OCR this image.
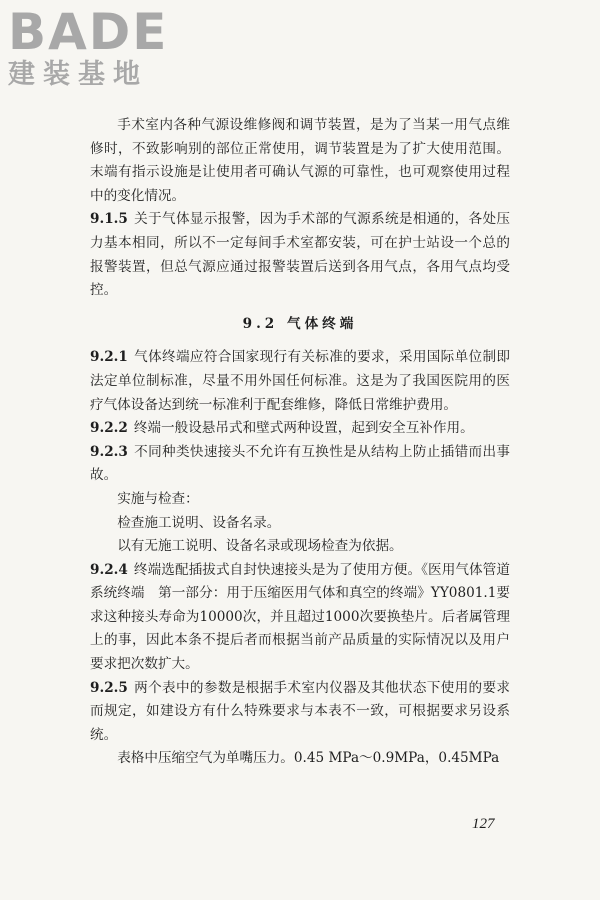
BADE
建装基地

手术室内各种气源设维修阀和调节装置，是为了当某一用气点维修时，不致影响别的部位正常使用，调节装置是为了扩大使用范围。末端有指示设施是让使用者可确认气源的可靠性，也可观察使用过程中的变化情况。

9.1.5 关于气体显示报警，因为手术部的气源系统是相通的，各处压力基本相同，所以不一定每间手术室都安装，可在护士站设一个总的报警装置，但总气源应通过报警装置后送到各用气点，各用气点均受控。

9.2 气体终端

9.2.1 气体终端应符合国家现行有关标准的要求，采用国际单位制即法定单位制标准，尽量不用外国任何标准。这是为了我国医院用的医疗气体设备达到统一标准利于配套维修，降低日常维护费用。

9.2.2 终端一般设悬吊式和壁式两种设置，起到安全互补作用。

9.2.3 不同种类快速接头不允许有互换性是从结构上防止插错而出事故。

实施与检查：

检查施工说明、设备名录。

以有无施工说明、设备名录或现场检查为依据。

9.2.4 终端选配插拔式自封快速接头是为了使用方便。《医用气体管道系统终端　第一部分：用于压缩医用气体和真空的终端》YY0801.1要求这种接头寿命为10000次，并且超过1000次要换垫片。后者属管理上的事，因此本条不提后者而根据当前产品质量的实际情况以及用户要求把次数扩大。

9.2.5 两个表中的参数是根据手术室内仪器及其他状态下使用的要求而规定，如建设方有什么特殊要求与本表不一致，可根据要求另设系统。

表格中压缩空气为单嘴压力。0.45 MPa～0.9MPa，0.45MPa

127
